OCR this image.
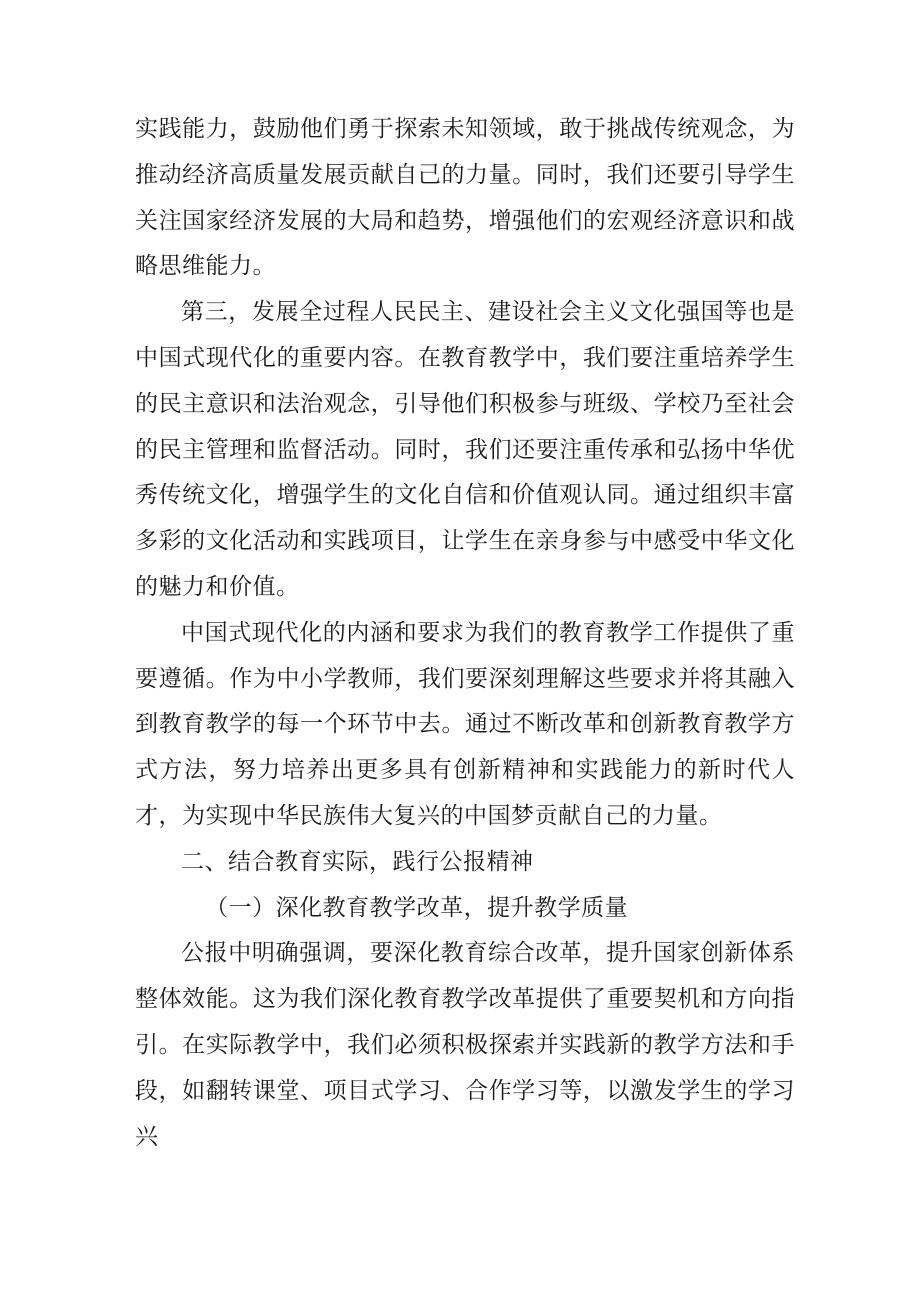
实践能力，鼓励他们勇于探索未知领域，敢于挑战传统观念，为推动经济高质量发展贡献自己的力量。同时，我们还要引导学生关注国家经济发展的大局和趋势，增强他们的宏观经济意识和战略思维能力。

第三，发展全过程人民民主、建设社会主义文化强国等也是中国式现代化的重要内容。在教育教学中，我们要注重培养学生的民主意识和法治观念，引导他们积极参与班级、学校乃至社会的民主管理和监督活动。同时，我们还要注重传承和弘扬中华优秀传统文化，增强学生的文化自信和价值观认同。通过组织丰富多彩的文化活动和实践项目，让学生在亲身参与中感受中华文化的魅力和价值。

中国式现代化的内涵和要求为我们的教育教学工作提供了重要遵循。作为中小学教师，我们要深刻理解这些要求并将其融入到教育教学的每一个环节中去。通过不断改革和创新教育教学方式方法，努力培养出更多具有创新精神和实践能力的新时代人才，为实现中华民族伟大复兴的中国梦贡献自己的力量。

二、结合教育实际，践行公报精神

（一）深化教育教学改革，提升教学质量

公报中明确强调，要深化教育综合改革，提升国家创新体系整体效能。这为我们深化教育教学改革提供了重要契机和方向指引。在实际教学中，我们必须积极探索并实践新的教学方法和手段，如翻转课堂、项目式学习、合作学习等，以激发学生的学习兴
